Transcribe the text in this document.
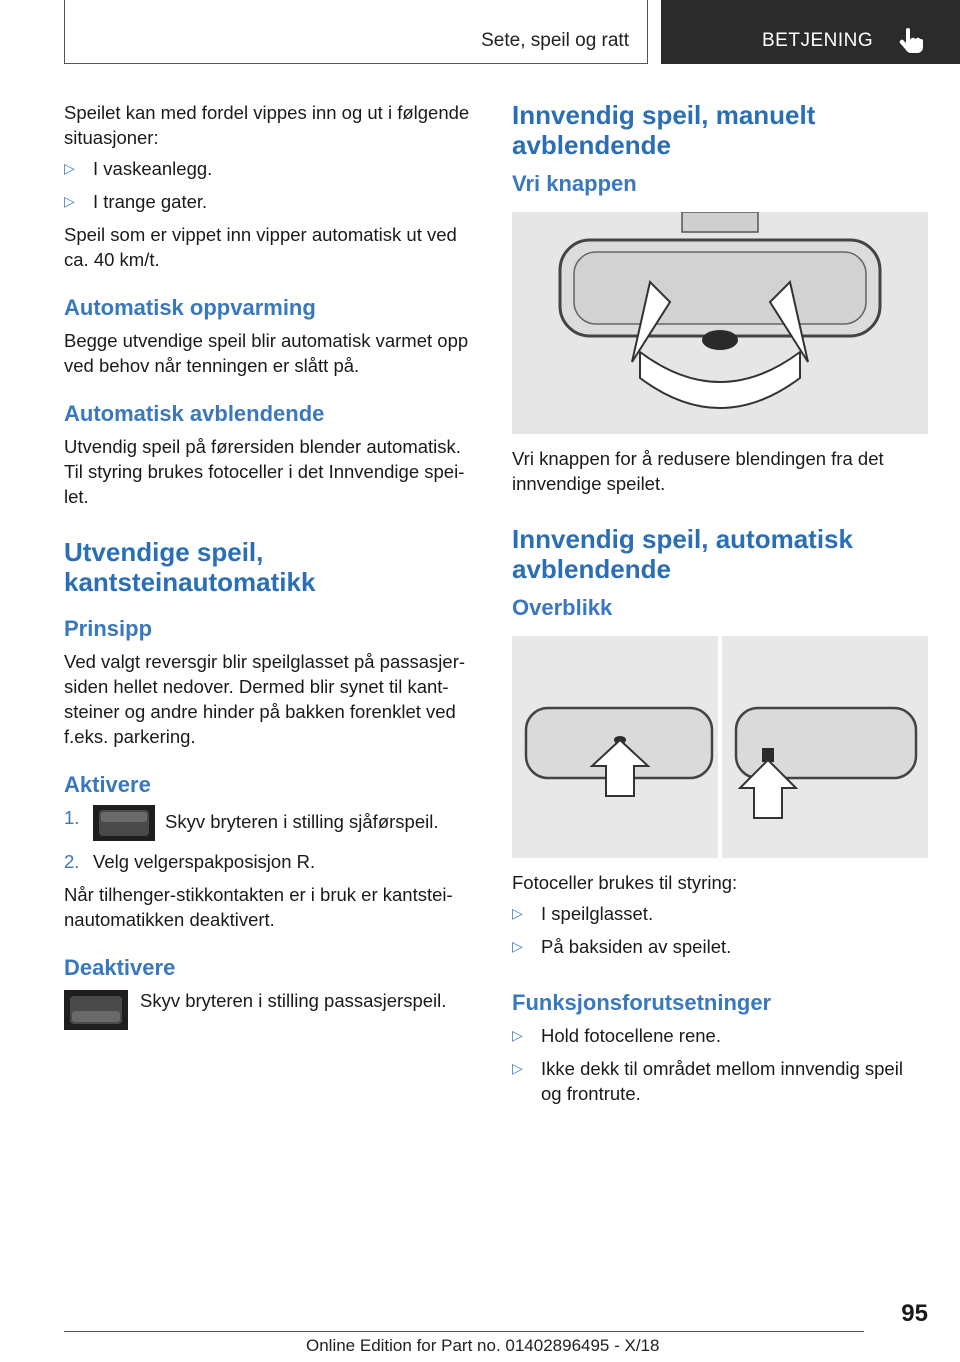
Sete, speil og ratt	BETJENING

Speilet kan med fordel vippes inn og ut i følgende situasjoner:

▷ I vaskeanlegg.
▷ I trange gater.

Speil som er vippet inn vipper automatisk ut ved ca. 40 km/t.

Automatisk oppvarming

Begge utvendige speil blir automatisk varmet opp ved behov når tenningen er slått på.

Automatisk avblendende

Utvendig speil på førersiden blender automatisk. Til styring brukes fotoceller i det Innvendige speilet.

Utvendige speil, kantsteinautomatikk
Prinsipp

Ved valgt reversgir blir speilglasset på passasjersiden hellet nedover. Dermed blir synet til kantsteiner og andre hinder på bakken forenklet ved f.eks. parkering.

Aktivere
1.	Skyv bryteren i stilling sjåførspeil.
2. Velg velgerspakposisjon R.

Når tilhenger-stikkontakten er i bruk er kantsteinautomatikken deaktivert.

Deaktivere

Skyv bryteren i stilling passasjerspeil.

Innvendig speil, manuelt avblendende
Vri knappen

Vri knappen for å redusere blendingen fra det innvendige speilet.

Innvendig speil, automatisk avblendende
Overblikk

Fotoceller brukes til styring:

▷ I speilglasset.
▷ På baksiden av speilet.
Funksjonsforutsetninger
▷ Hold fotocellene rene.
▷ Ikke dekk til området mellom innvendig speil og frontrute.
95
Online Edition for Part no. 01402896495 - X/18
